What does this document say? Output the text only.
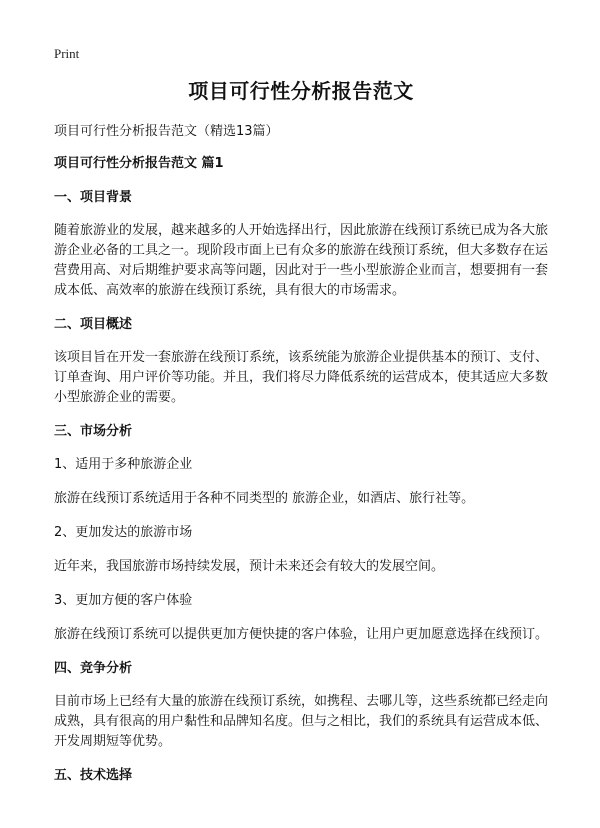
Print
项目可行性分析报告范文

项目可行性分析报告范文（精选13篇）

项目可行性分析报告范文 篇1

一、项目背景

随着旅游业的发展，越来越多的人开始选择出行，因此旅游在线预订系统已成为各大旅游企业必备的工具之一。现阶段市面上已有众多的旅游在线预订系统，但大多数存在运营费用高、对后期维护要求高等问题，因此对于一些小型旅游企业而言，想要拥有一套成本低、高效率的旅游在线预订系统，具有很大的市场需求。

二、项目概述

该项目旨在开发一套旅游在线预订系统，该系统能为旅游企业提供基本的预订、支付、订单查询、用户评价等功能。并且，我们将尽力降低系统的运营成本，使其适应大多数小型旅游企业的需要。

三、市场分析
1、适用于多种旅游企业

旅游在线预订系统适用于各种不同类型的 旅游企业，如酒店、旅行社等。

2、更加发达的旅游市场

近年来，我国旅游市场持续发展，预计未来还会有较大的发展空间。

3、更加方便的客户体验

旅游在线预订系统可以提供更加方便快捷的客户体验，让用户更加愿意选择在线预订。

四、竞争分析

目前市场上已经有大量的旅游在线预订系统，如携程、去哪儿等，这些系统都已经走向成熟，具有很高的用户黏性和品牌知名度。但与之相比，我们的系统具有运营成本低、开发周期短等优势。

五、技术选择
